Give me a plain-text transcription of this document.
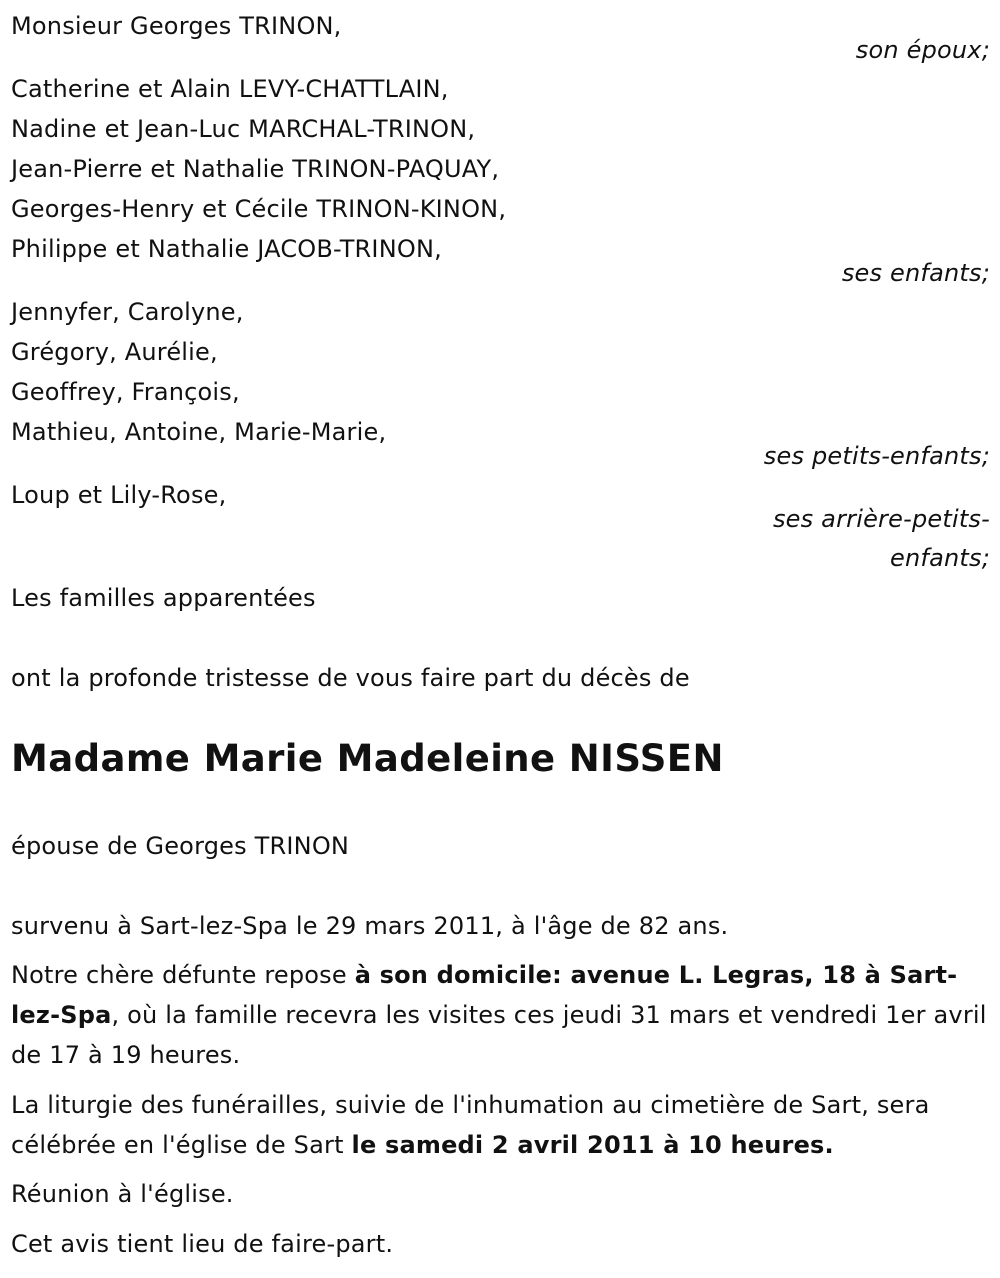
Monsieur Georges TRINON,
son époux;
Catherine et Alain LEVY-CHATTLAIN,
Nadine et Jean-Luc MARCHAL-TRINON,
Jean-Pierre et Nathalie TRINON-PAQUAY,
Georges-Henry et Cécile TRINON-KINON,
Philippe et Nathalie JACOB-TRINON,
ses enfants;
Jennyfer, Carolyne,
Grégory, Aurélie,
Geoffrey, François,
Mathieu, Antoine, Marie-Marie,
ses petits-enfants;
Loup et Lily-Rose,
ses arrière-petits-
enfants;
Les familles apparentées
ont la profonde tristesse de vous faire part du décès de
Madame Marie Madeleine NISSEN
épouse de Georges TRINON
survenu à Sart-lez-Spa le 29 mars 2011, à l'âge de 82 ans.
Notre chère défunte repose à son domicile: avenue L. Legras, 18 à Sart-lez-Spa, où la famille recevra les visites ces jeudi 31 mars et vendredi 1er avril de 17 à 19 heures.
La liturgie des funérailles, suivie de l'inhumation au cimetière de Sart, sera célébrée en l'église de Sart le samedi 2 avril 2011 à 10 heures.
Réunion à l'église.
Cet avis tient lieu de faire-part.
